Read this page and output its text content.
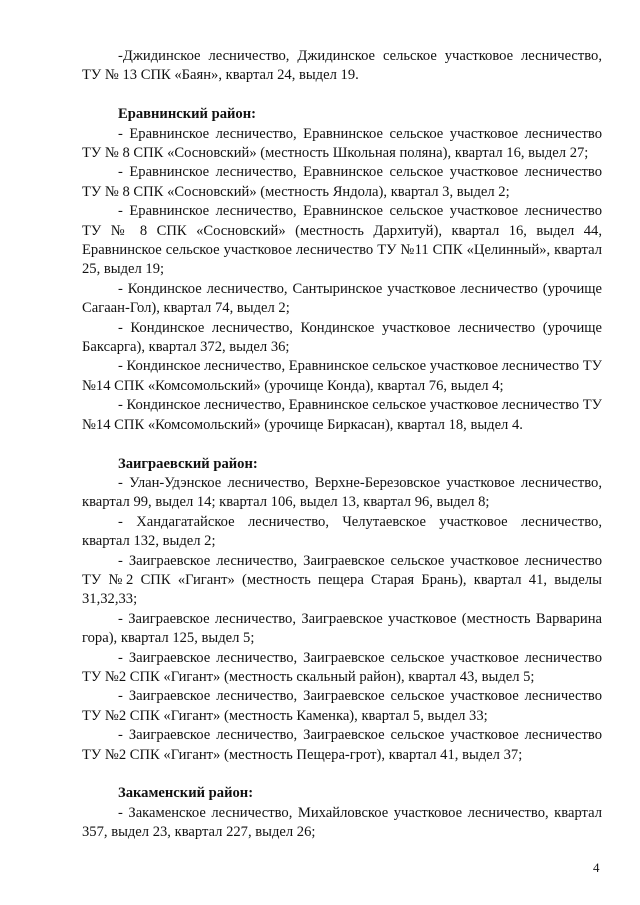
-Джидинское лесничество, Джидинское сельское участковое лесничество, ТУ № 13 СПК «Баян», квартал 24, выдел 19.

Еравнинский район:

- Еравнинское лесничество, Еравнинское сельское участковое лесничество ТУ № 8 СПК «Сосновский» (местность Школьная поляна), квартал 16, выдел 27;

- Еравнинское лесничество, Еравнинское сельское участковое лесничество ТУ № 8 СПК «Сосновский» (местность Яндола), квартал 3, выдел 2;

- Еравнинское лесничество, Еравнинское сельское участковое лесничество ТУ № 8 СПК «Сосновский» (местность Дархитуй), квартал 16, выдел 44, Еравнинское сельское участковое лесничество ТУ №11 СПК «Целинный», квартал 25, выдел 19;

- Кондинское лесничество, Сантыринское участковое лесничество (урочище Сагаан-Гол), квартал 74, выдел 2;

- Кондинское лесничество, Кондинское участковое лесничество (урочище Баксарга), квартал 372, выдел 36;

- Кондинское лесничество, Еравнинское сельское участковое лесничество ТУ №14 СПК «Комсомольский» (урочище Конда), квартал 76, выдел 4;

- Кондинское лесничество, Еравнинское сельское участковое лесничество ТУ №14 СПК «Комсомольский» (урочище Биркасан), квартал 18, выдел 4.

Заиграевский район:

- Улан-Удэнское лесничество, Верхне-Березовское участковое лесничество, квартал 99, выдел 14; квартал 106, выдел 13, квартал 96, выдел 8;

- Хандагатайское лесничество, Челутаевское участковое лесничество, квартал 132, выдел 2;

- Заиграевское лесничество, Заиграевское сельское участковое лесничество ТУ №2 СПК «Гигант» (местность пещера Старая Брань), квартал 41, выделы 31,32,33;

- Заиграевское лесничество, Заиграевское участковое (местность Варварина гора), квартал 125, выдел 5;

- Заиграевское лесничество, Заиграевское сельское участковое лесничество ТУ №2 СПК «Гигант» (местность скальный район), квартал 43, выдел 5;

- Заиграевское лесничество, Заиграевское сельское участковое лесничество ТУ №2 СПК «Гигант» (местность Каменка), квартал 5, выдел 33;

- Заиграевское лесничество, Заиграевское сельское участковое лесничество ТУ №2 СПК «Гигант» (местность Пещера-грот), квартал 41, выдел 37;

Закаменский район:

- Закаменское лесничество, Михайловское участковое лесничество, квартал 357, выдел 23, квартал 227, выдел 26;

4
